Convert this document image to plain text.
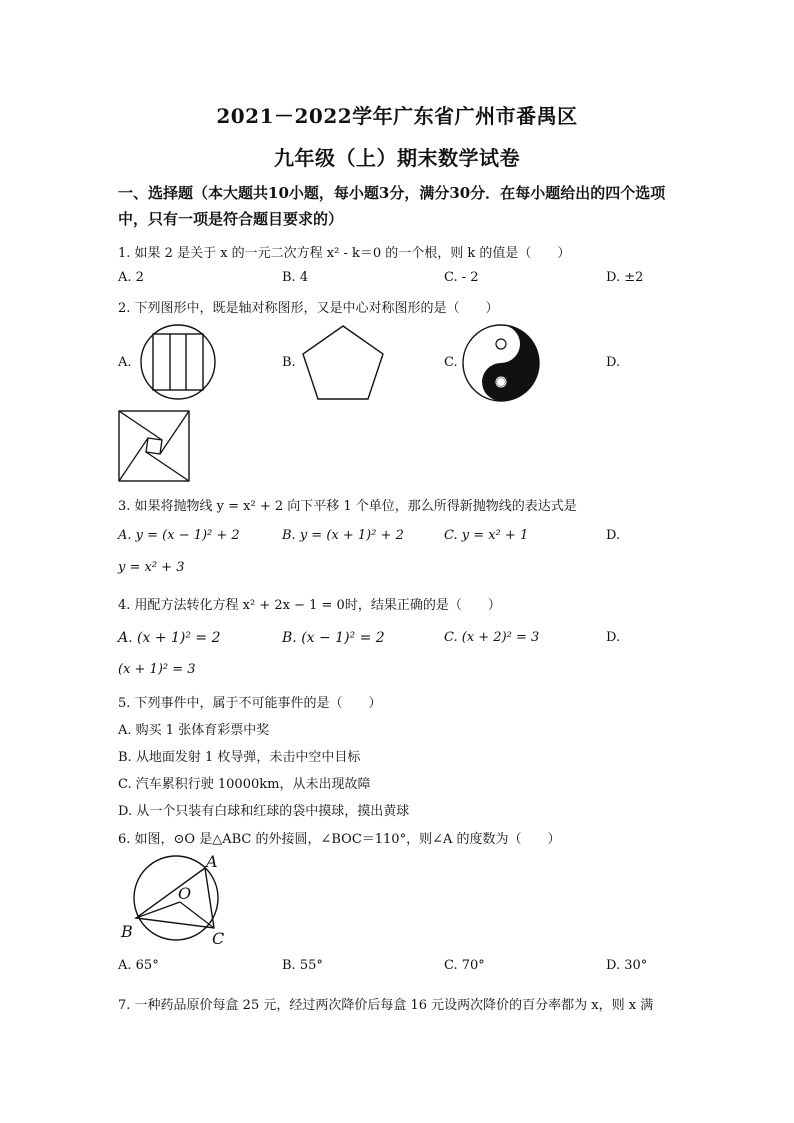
2021－2022学年广东省广州市番禺区
九年级（上）期末数学试卷
一、选择题（本大题共10小题，每小题3分，满分30分．在每小题给出的四个选项中，只有一项是符合题目要求的）
1. 如果 2 是关于 x 的一元二次方程 x² - k＝0 的一个根，则 k 的值是（　　）
A. 2	B. 4	C. - 2	D. ±2
2. 下列图形中，既是轴对称图形，又是中心对称图形的是（　　）
A.	B.	C.	D.
3. 如果将抛物线 y = x² + 2 向下平移 1 个单位，那么所得新抛物线的表达式是
A. y = (x − 1)² + 2	B. y = (x + 1)² + 2	C. y = x² + 1	D.
y = x² + 3
4. 用配方法转化方程 x² + 2x − 1 = 0时，结果正确的是（　　）
A. (x + 1)² = 2	B. (x − 1)² = 2	C. (x + 2)² = 3	D.
(x + 1)² = 3
5. 下列事件中，属于不可能事件的是（　　）
A. 购买 1 张体育彩票中奖
B. 从地面发射 1 枚导弹，未击中空中目标
C. 汽车累积行驶 10000km，从未出现故障
D. 从一个只装有白球和红球的袋中摸球，摸出黄球
6. 如图，⊙O 是△ABC 的外接圆，∠BOC＝110°，则∠A 的度数为（　　）
A
B	C
O
A. 65°	B. 55°	C. 70°	D. 30°
7. 一种药品原价每盒 25 元，经过两次降价后每盒 16 元设两次降价的百分率都为 x，则 x 满
